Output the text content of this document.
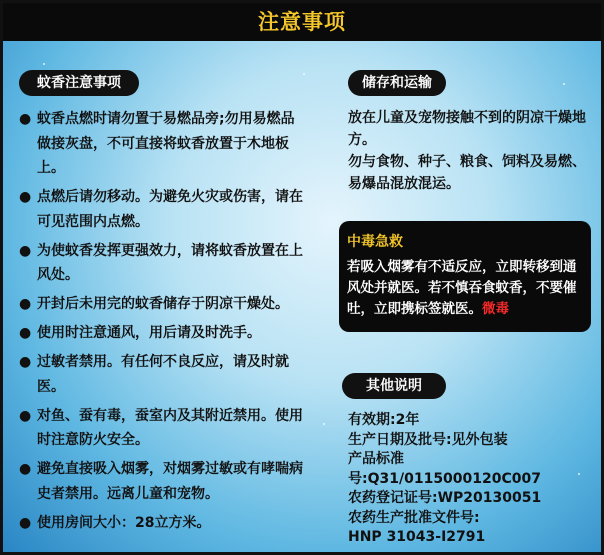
注意事项
蚊香注意事项
● 蚊香点燃时请勿置于易燃品旁;勿用易燃品做接灰盘，不可直接将蚊香放置于木地板上。
● 点燃后请勿移动。为避免火灾或伤害，请在可见范围内点燃。
● 为使蚊香发挥更强效力，请将蚊香放置在上风处。
● 开封后未用完的蚊香储存于阴凉干燥处。
● 使用时注意通风，用后请及时洗手。
● 过敏者禁用。有任何不良反应，请及时就医。
● 对鱼、蚕有毒，蚕室内及其附近禁用。使用时注意防火安全。
● 避免直接吸入烟雾，对烟雾过敏或有哮喘病史者禁用。远离儿童和宠物。
● 使用房间大小：28立方米。
储存和运输
放在儿童及宠物接触不到的阴凉干燥地方。
勿与食物、种子、粮食、饲料及易燃、易爆品混放混运。
中毒急救
若吸入烟雾有不适反应，立即转移到通风处并就医。若不慎吞食蚊香，不要催吐，立即携标签就医。微毒
其他说明
有效期:2年
生产日期及批号:见外包装
产品标准号:Q31/0115000120C007
农药登记证号:WP20130051
农药生产批准文件号:
HNP 31043-I2791
